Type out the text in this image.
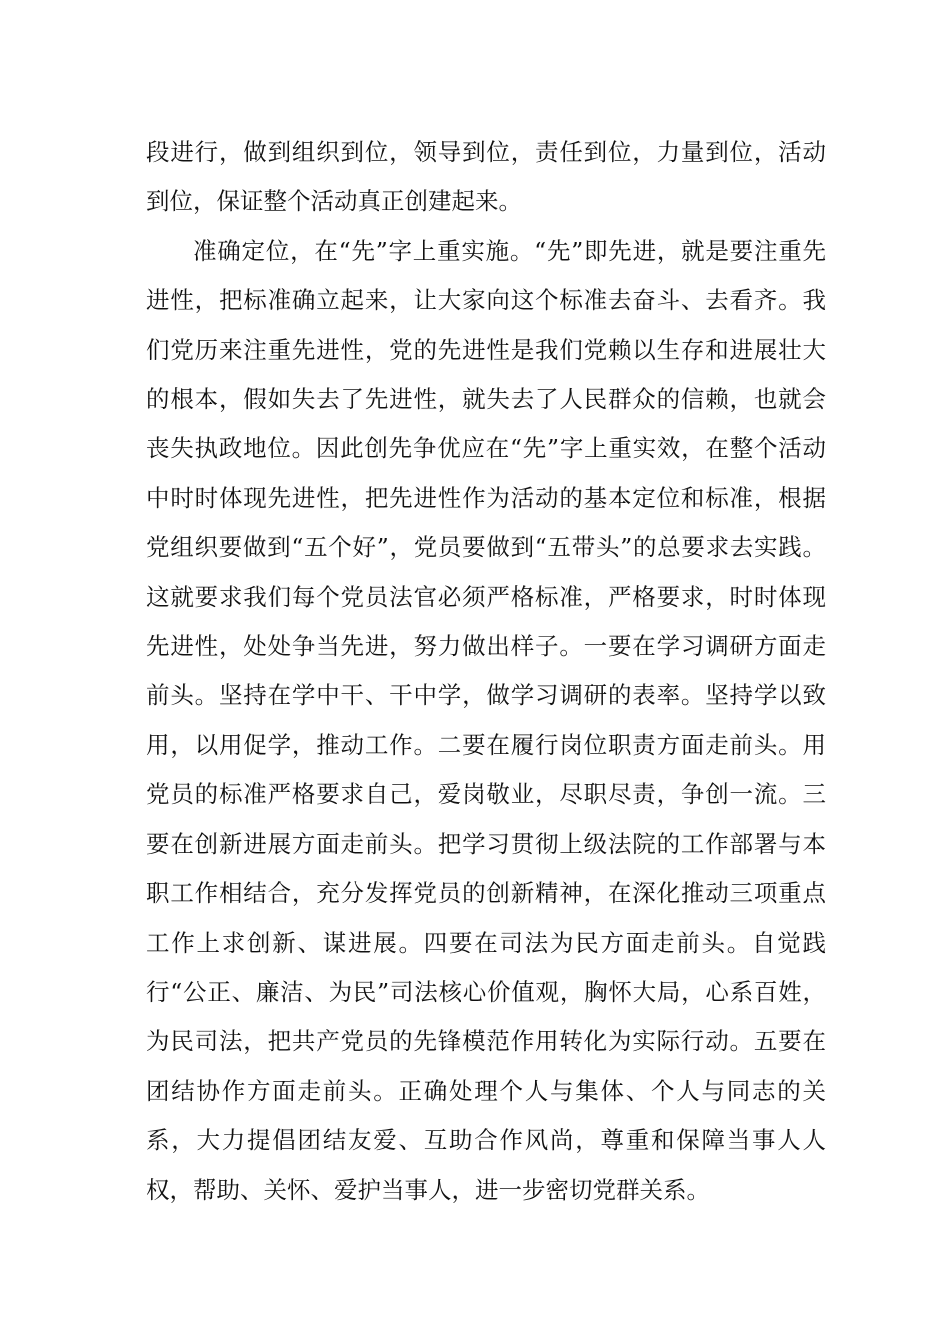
段进行，做到组织到位，领导到位，责任到位，力量到位，活动到位，保证整个活动真正创建起来。

准确定位，在“先”字上重实施。“先”即先进，就是要注重先进性，把标准确立起来，让大家向这个标准去奋斗、去看齐。我们党历来注重先进性，党的先进性是我们党赖以生存和进展壮大的根本，假如失去了先进性，就失去了人民群众的信赖，也就会丧失执政地位。因此创先争优应在“先”字上重实效，在整个活动中时时体现先进性，把先进性作为活动的基本定位和标准，根据党组织要做到“五个好”，党员要做到“五带头”的总要求去实践。这就要求我们每个党员法官必须严格标准，严格要求，时时体现先进性，处处争当先进，努力做出样子。一要在学习调研方面走前头。坚持在学中干、干中学，做学习调研的表率。坚持学以致用，以用促学，推动工作。二要在履行岗位职责方面走前头。用党员的标准严格要求自己，爱岗敬业，尽职尽责，争创一流。三要在创新进展方面走前头。把学习贯彻上级法院的工作部署与本职工作相结合，充分发挥党员的创新精神，在深化推动三项重点工作上求创新、谋进展。四要在司法为民方面走前头。自觉践行“公正、廉洁、为民”司法核心价值观，胸怀大局，心系百姓，为民司法，把共产党员的先锋模范作用转化为实际行动。五要在团结协作方面走前头。正确处理个人与集体、个人与同志的关系，大力提倡团结友爱、互助合作风尚，尊重和保障当事人人权，帮助、关怀、爱护当事人，进一步密切党群关系。
